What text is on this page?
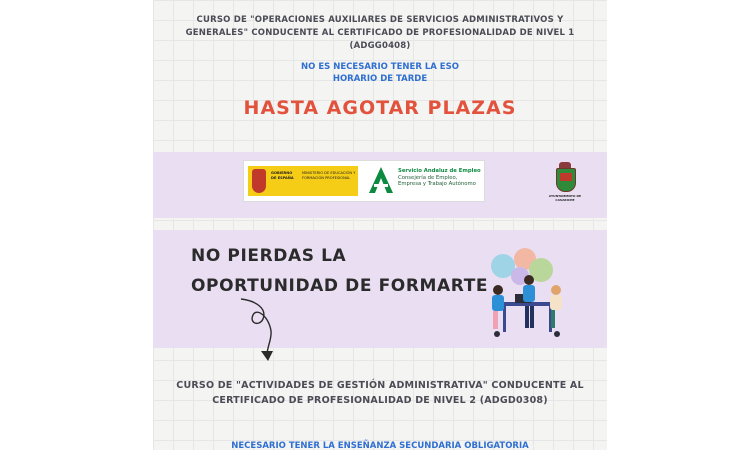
CURSO DE "OPERACIONES AUXILIARES DE SERVICIOS ADMINISTRATIVOS Y GENERALES" CONDUCENTE AL CERTIFICADO DE PROFESIONALIDAD DE NIVEL 1 (ADGG0408)
NO ES NECESARIO TENER LA ESO
HORARIO DE TARDE
HASTA AGOTAR PLAZAS
GOBIERNO DE ESPAÑA
MINISTERIO DE EDUCACIÓN Y FORMACIÓN PROFESIONAL
Servicio Andaluz de Empleo
Consejería de Empleo,
Empresa y Trabajo Autónomo
AYUNTAMIENTO DE CASARICHE
NO PIERDAS LA
OPORTUNIDAD DE FORMARTE
CURSO DE "ACTIVIDADES DE GESTIÓN ADMINISTRATIVA" CONDUCENTE AL CERTIFICADO DE PROFESIONALIDAD DE NIVEL 2 (ADGD0308)
NECESARIO TENER LA ENSEÑANZA SECUNDARIA OBLIGATORIA
